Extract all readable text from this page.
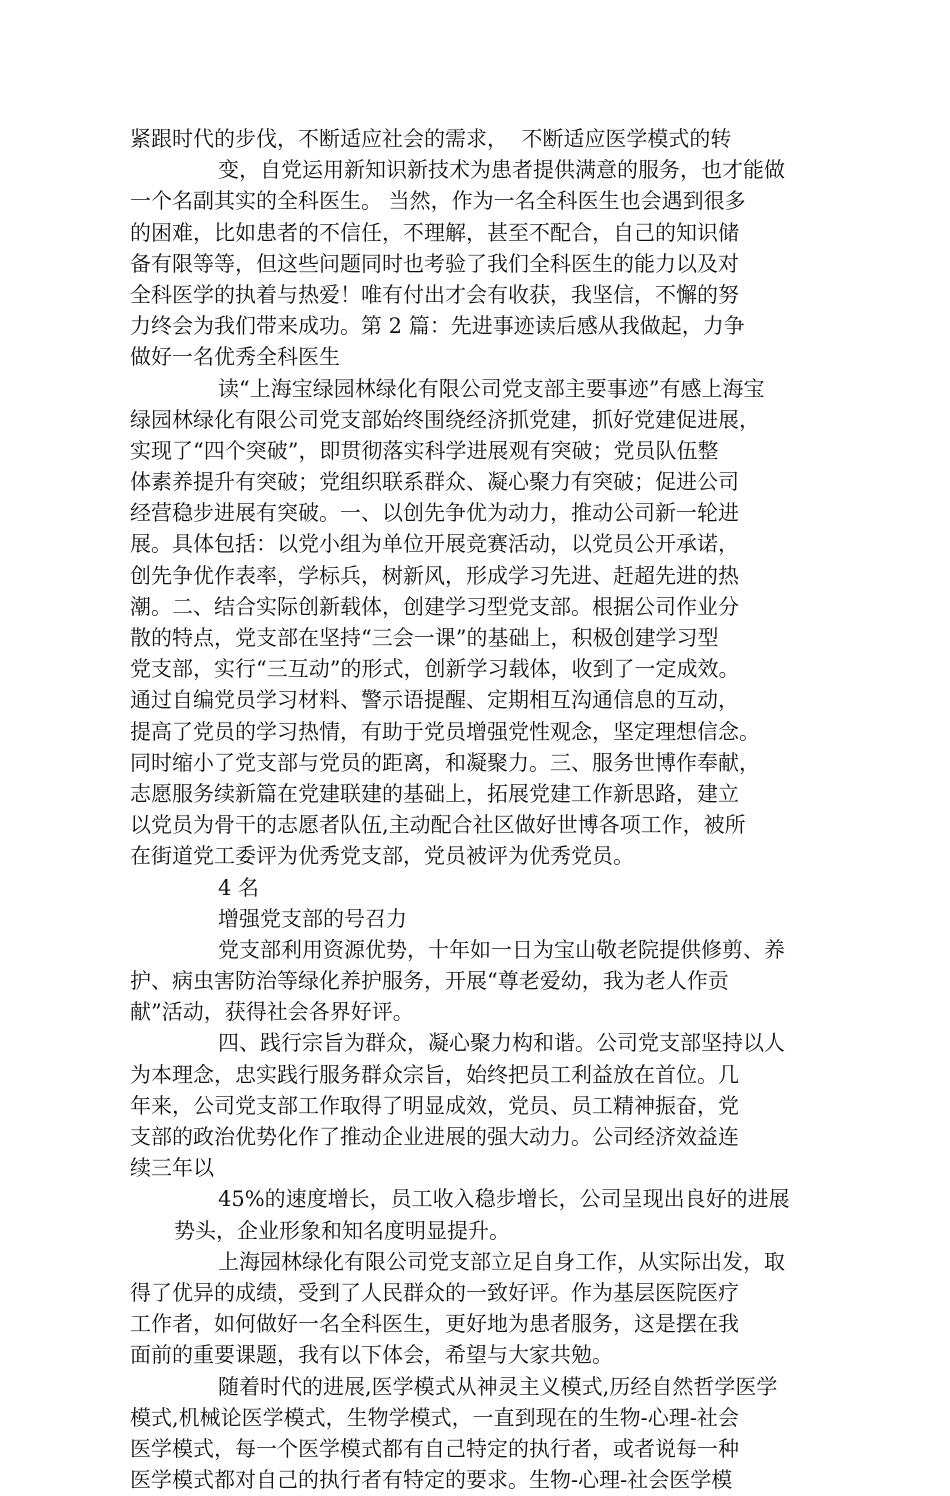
紧跟时代的步伐，不断适应社会的需求，  不断适应医学模式的转
变，自党运用新知识新技术为患者提供满意的服务，也才能做
一个名副其实的全科医生。 当然，作为一名全科医生也会遇到很多
的困难，比如患者的不信任，不理解，甚至不配合，自己的知识储
备有限等等，但这些问题同时也考验了我们全科医生的能力以及对
全科医学的执着与热爱！唯有付出才会有收获，我坚信，不懈的努
力终会为我们带来成功。第 2 篇：先进事迹读后感从我做起，力争
做好一名优秀全科医生
读“上海宝绿园林绿化有限公司党支部主要事迹”有感上海宝
绿园林绿化有限公司党支部始终围绕经济抓党建，抓好党建促进展，
实现了“四个突破”，即贯彻落实科学进展观有突破；党员队伍整
体素养提升有突破；党组织联系群众、凝心聚力有突破；促进公司
经营稳步进展有突破。一、以创先争优为动力，推动公司新一轮进
展。具体包括：以党小组为单位开展竞赛活动，以党员公开承诺，
创先争优作表率，学标兵，树新风，形成学习先进、赶超先进的热
潮。二、结合实际创新载体，创建学习型党支部。根据公司作业分
散的特点，党支部在坚持“三会一课”的基础上，积极创建学习型
党支部，实行“三互动”的形式，创新学习载体，收到了一定成效。
通过自编党员学习材料、警示语提醒、定期相互沟通信息的互动，
提高了党员的学习热情，有助于党员增强党性观念，坚定理想信念。
同时缩小了党支部与党员的距离，和凝聚力。三、服务世博作奉献，
志愿服务续新篇在党建联建的基础上，拓展党建工作新思路，建立
以党员为骨干的志愿者队伍,主动配合社区做好世博各项工作，被所
在街道党工委评为优秀党支部，党员被评为优秀党员。
4 名
增强党支部的号召力
党支部利用资源优势，十年如一日为宝山敬老院提供修剪、养
护、病虫害防治等绿化养护服务，开展“尊老爱幼，我为老人作贡
献”活动，获得社会各界好评。
四、践行宗旨为群众，凝心聚力构和谐。公司党支部坚持以人
为本理念，忠实践行服务群众宗旨，始终把员工利益放在首位。几
年来，公司党支部工作取得了明显成效，党员、员工精神振奋，党
支部的政治优势化作了推动企业进展的强大动力。公司经济效益连
续三年以
45%的速度增长，员工收入稳步增长，公司呈现出良好的进展
势头，企业形象和知名度明显提升。
上海园林绿化有限公司党支部立足自身工作，从实际出发，取
得了优异的成绩，受到了人民群众的一致好评。作为基层医院医疗
工作者，如何做好一名全科医生，更好地为患者服务，这是摆在我
面前的重要课题，我有以下体会，希望与大家共勉。
随着时代的进展,医学模式从神灵主义模式,历经自然哲学医学
模式,机械论医学模式，生物学模式，一直到现在的生物-心理-社会
医学模式，每一个医学模式都有自己特定的执行者，或者说每一种
医学模式都对自己的执行者有特定的要求。生物-心理-社会医学模
